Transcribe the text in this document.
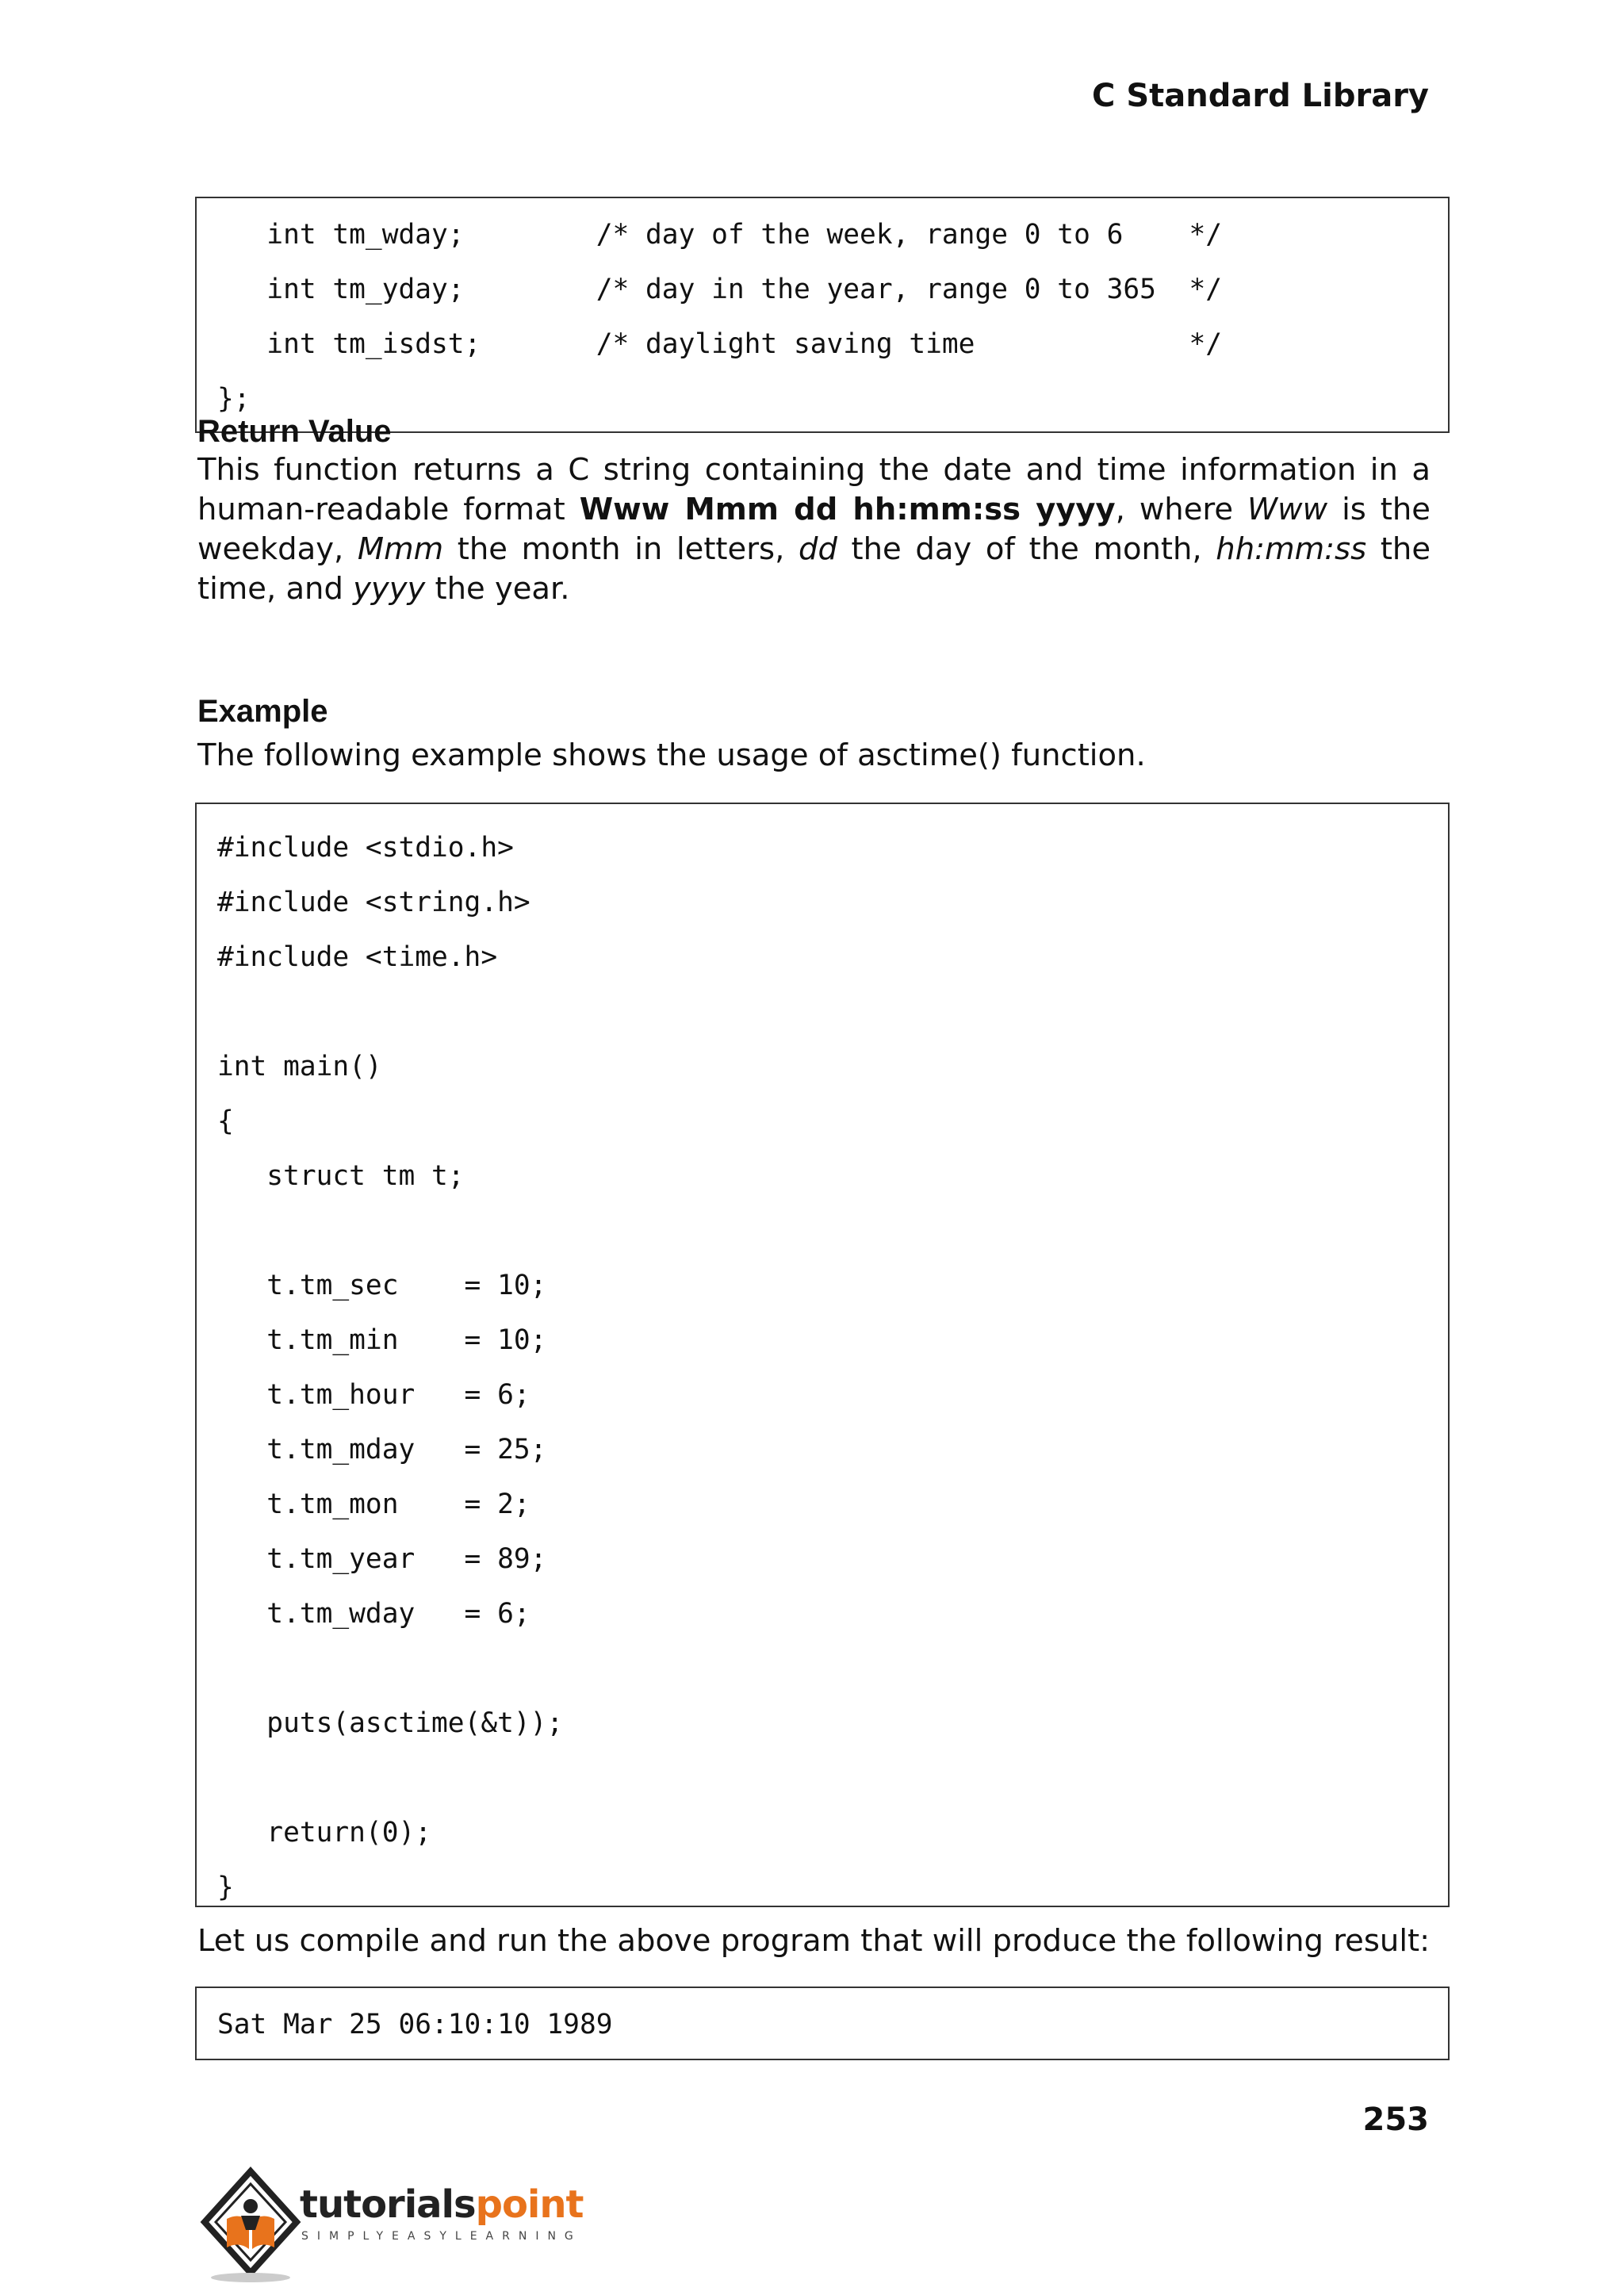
C Standard Library
int tm_wday;        /* day of the week, range 0 to 6    */
int tm_yday;        /* day in the year, range 0 to 365  */
int tm_isdst;       /* daylight saving time             */
};
Return Value
This function returns a C string containing the date and time information in a human-readable format Www Mmm dd hh:mm:ss yyyy, where Www is the weekday, Mmm the month in letters, dd the day of the month, hh:mm:ss the time, and yyyy the year.
Example
The following example shows the usage of asctime() function.
#include <stdio.h>
#include <string.h>
#include <time.h>

int main()
{
struct tm t;

t.tm_sec    = 10;
t.tm_min    = 10;
t.tm_hour   = 6;
t.tm_mday   = 25;
t.tm_mon    = 2;
t.tm_year   = 89;
t.tm_wday   = 6;

puts(asctime(&t));

return(0);
}
Let us compile and run the above program that will produce the following result:
Sat Mar 25 06:10:10 1989
253
tutorialspoint
SIMPLYEASYLEARNING
